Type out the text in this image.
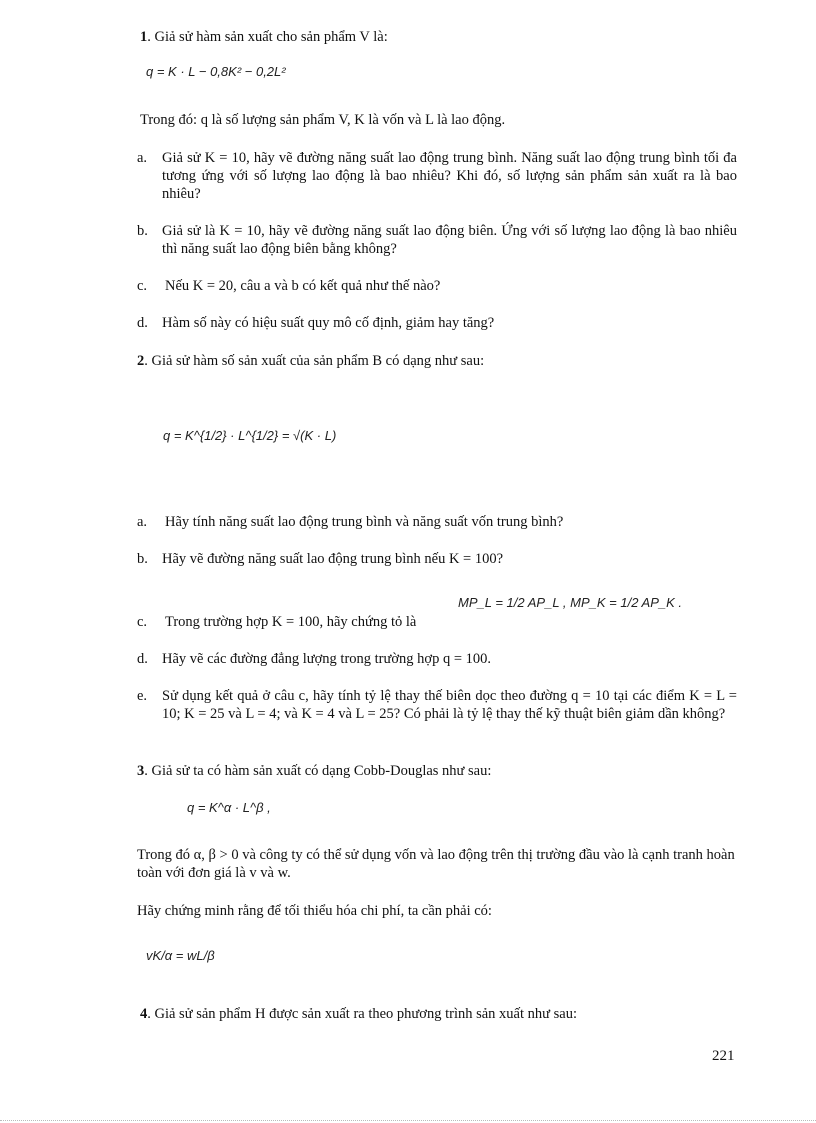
1. Giả sử hàm sản xuất cho sản phẩm V là:
q = K · L − 0,8K² − 0,2L²
Trong đó: q là số lượng sản phẩm V, K là vốn và L là lao động.
a. Giả sử K = 10, hãy vẽ đường năng suất lao động trung bình. Năng suất lao động trung bình tối đa tương ứng với số lượng lao động là bao nhiêu? Khi đó, số lượng sản phẩm sản xuất ra là bao nhiêu?
b. Giả sử là K = 10, hãy vẽ đường năng suất lao động biên. Ứng với số lượng lao động là bao nhiêu thì năng suất lao động biên bằng không?
c. Nếu K = 20, câu a và b có kết quả như thế nào?
d. Hàm số này có hiệu suất quy mô cố định, giảm hay tăng?
2. Giả sử hàm số sản xuất của sản phẩm B có dạng như sau:
q = K^{1/2} · L^{1/2} = √(K · L)
a. Hãy tính năng suất lao động trung bình và năng suất vốn trung bình?
b. Hãy vẽ đường năng suất lao động trung bình nếu K = 100?
c. Trong trường hợp K = 100, hãy chứng tỏ là
MP_L = 1/2 AP_L , MP_K = 1/2 AP_K .
d. Hãy vẽ các đường đẳng lượng trong trường hợp q = 100.
e. Sử dụng kết quả ở câu c, hãy tính tỷ lệ thay thế biên dọc theo đường q = 10 tại các điểm K = L = 10; K = 25 và L = 4; và K = 4 và L = 25? Có phải là tỷ lệ thay thế kỹ thuật biên giảm dần không?
3. Giả sử ta có hàm sản xuất có dạng Cobb-Douglas như sau:
q = K^α · L^β ,
Trong đó α, β > 0 và công ty có thể sử dụng vốn và lao động trên thị trường đầu vào là cạnh tranh hoàn toàn với đơn giá là v và w.
Hãy chứng minh rằng để tối thiểu hóa chi phí, ta cần phải có:
vK/α = wL/β
4. Giả sử sản phẩm H được sản xuất ra theo phương trình sản xuất như sau:
221
